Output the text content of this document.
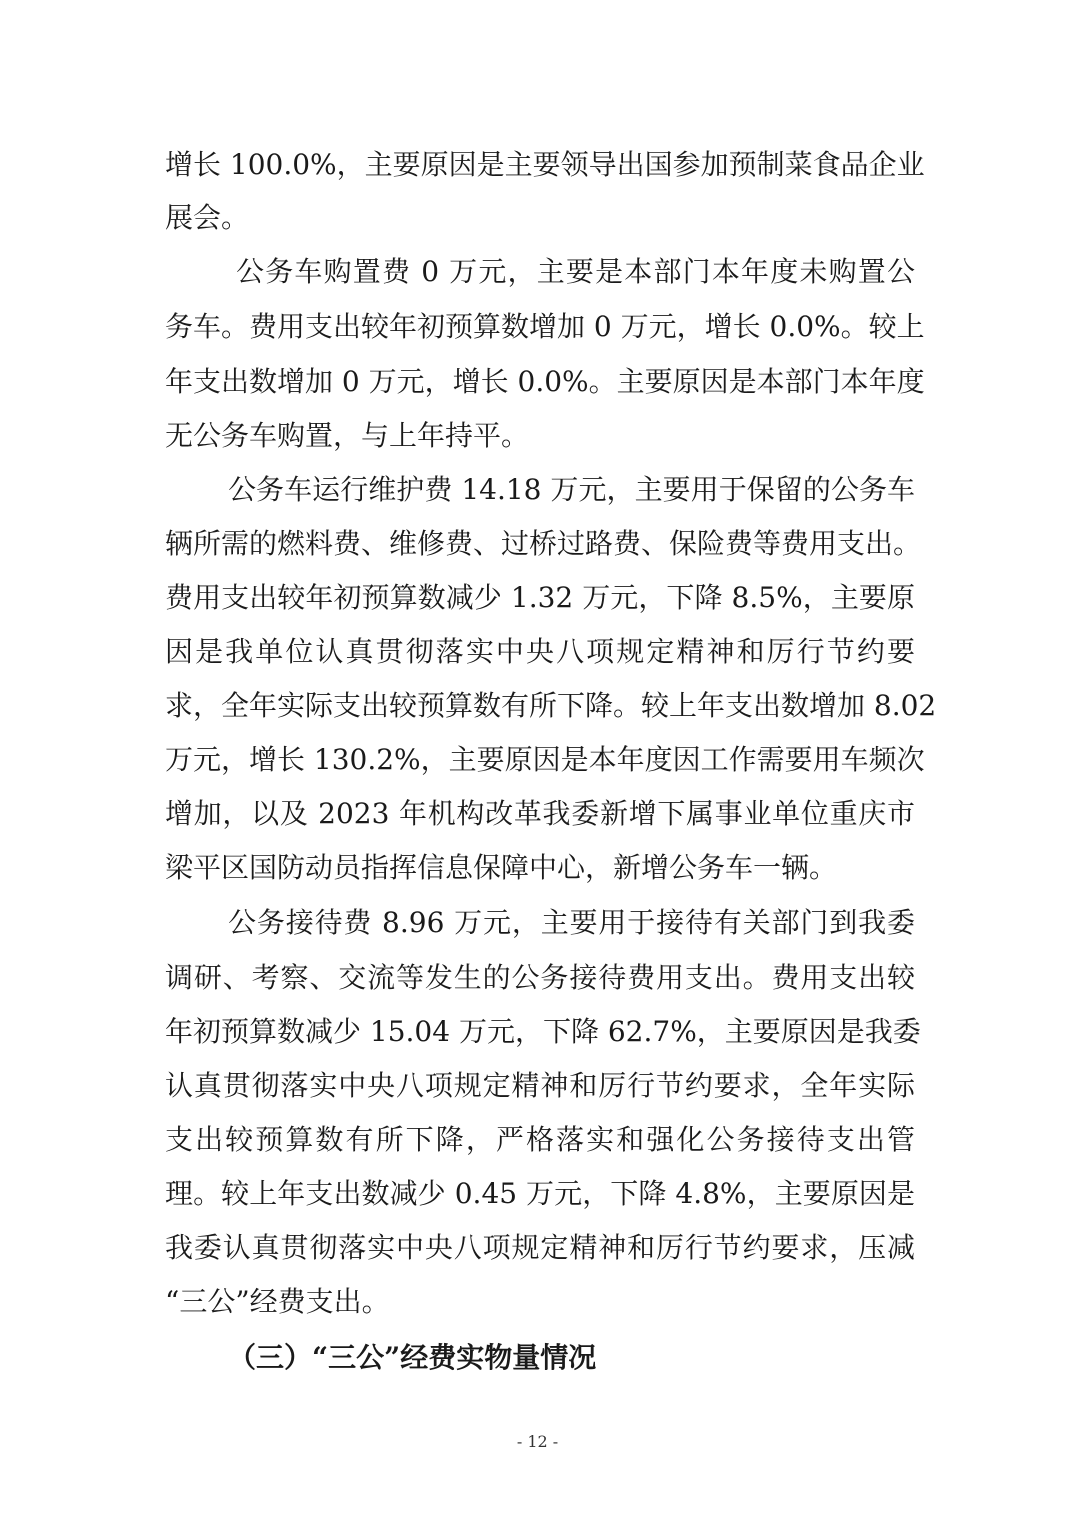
增长 100.0%，主要原因是主要领导出国参加预制菜食品企业
展会。
公务车购置费 0 万元，主要是本部门本年度未购置公
务车。费用支出较年初预算数增加 0 万元，增长 0.0%。较上
年支出数增加 0 万元，增长 0.0%。主要原因是本部门本年度
无公务车购置，与上年持平。
公务车运行维护费 14.18 万元，主要用于保留的公务车
辆所需的燃料费、维修费、过桥过路费、保险费等费用支出。
费用支出较年初预算数减少 1.32 万元，下降 8.5%，主要原
因是我单位认真贯彻落实中央八项规定精神和厉行节约要
求，全年实际支出较预算数有所下降。较上年支出数增加 8.02
万元，增长 130.2%，主要原因是本年度因工作需要用车频次
增加，以及 2023 年机构改革我委新增下属事业单位重庆市
梁平区国防动员指挥信息保障中心，新增公务车一辆。
公务接待费 8.96 万元，主要用于接待有关部门到我委
调研、考察、交流等发生的公务接待费用支出。费用支出较
年初预算数减少 15.04 万元，下降 62.7%，主要原因是我委
认真贯彻落实中央八项规定精神和厉行节约要求，全年实际
支出较预算数有所下降，严格落实和强化公务接待支出管
理。较上年支出数减少 0.45 万元，下降 4.8%，主要原因是
我委认真贯彻落实中央八项规定精神和厉行节约要求，压减
“三公”经费支出。
（三）“三公”经费实物量情况
- 12 -
